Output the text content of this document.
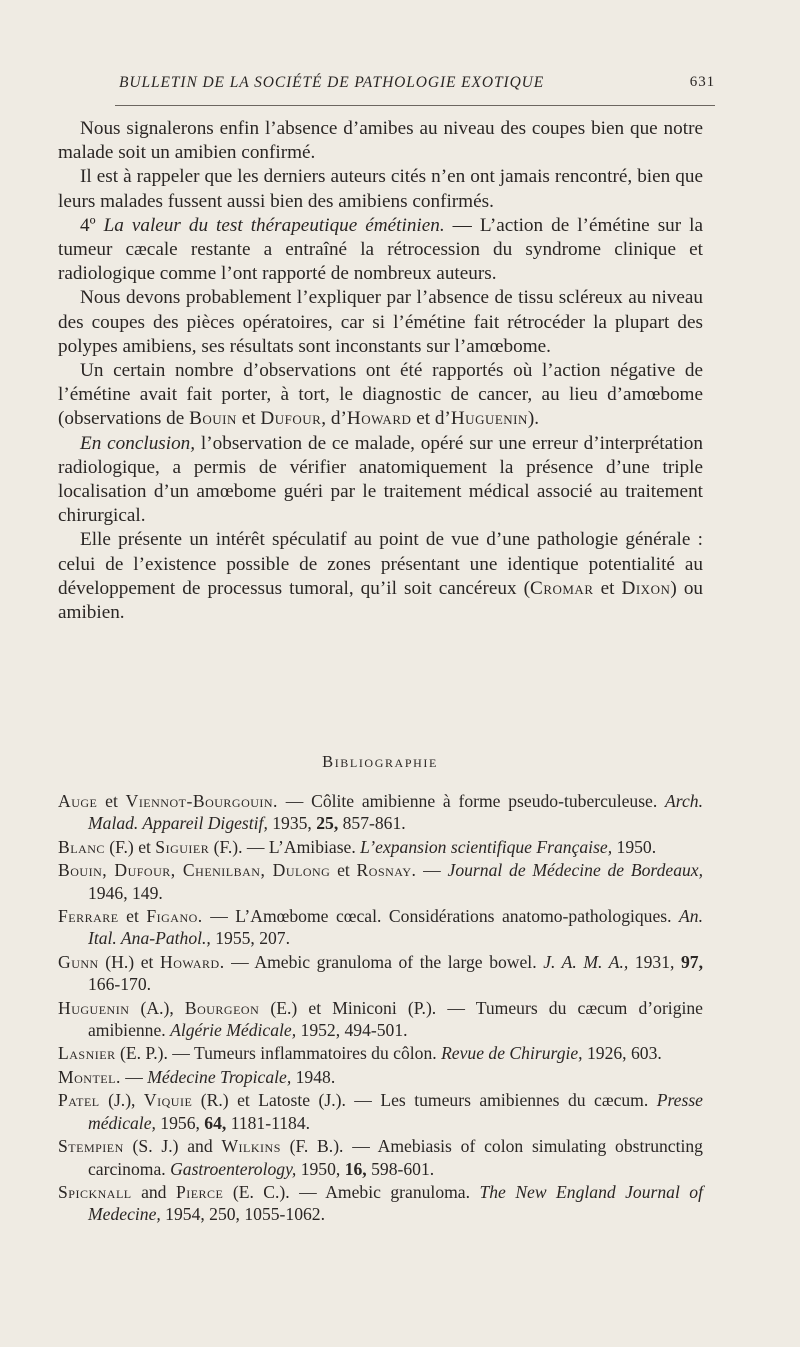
BULLETIN DE LA SOCIÉTÉ DE PATHOLOGIE EXOTIQUE	631

Nous signalerons enfin l’absence d’amibes au niveau des coupes bien que notre malade soit un amibien confirmé.

Il est à rappeler que les derniers auteurs cités n’en ont jamais rencontré, bien que leurs malades fussent aussi bien des amibiens confirmés.

4º La valeur du test thérapeutique émétinien. — L’action de l’émétine sur la tumeur cæcale restante a entraîné la rétrocession du syndrome clinique et radiologique comme l’ont rapporté de nombreux auteurs.

Nous devons probablement l’expliquer par l’absence de tissu scléreux au niveau des coupes des pièces opératoires, car si l’émétine fait rétrocéder la plupart des polypes amibiens, ses résultats sont inconstants sur l’amœbome.

Un certain nombre d’observations ont été rapportés où l’action négative de l’émétine avait fait porter, à tort, le diagnostic de cancer, au lieu d’amœbome (observations de Bouin et Dufour, d’Howard et d’Huguenin).

En conclusion, l’observation de ce malade, opéré sur une erreur d’interprétation radiologique, a permis de vérifier anatomiquement la présence d’une triple localisation d’un amœbome guéri par le traitement médical associé au traitement chirurgical.

Elle présente un intérêt spéculatif au point de vue d’une pathologie générale : celui de l’existence possible de zones présentant une identique potentialité au développement de processus tumoral, qu’il soit cancéreux (Cromar et Dixon) ou amibien.

Bibliographie

Auge et Viennot-Bourgouin. — Côlite amibienne à forme pseudo-tuberculeuse. Arch. Malad. Appareil Digestif, 1935, 25, 857-861.

Blanc (F.) et Siguier (F.). — L’Amibiase. L’expansion scientifique Française, 1950.

Bouin, Dufour, Chenilban, Dulong et Rosnay. — Journal de Médecine de Bordeaux, 1946, 149.

Ferrare et Figano. — L’Amœbome cœcal. Considérations anatomo-pathologiques. An. Ital. Ana-Pathol., 1955, 207.

Gunn (H.) et Howard. — Amebic granuloma of the large bowel. J. A. M. A., 1931, 97, 166-170.

Huguenin (A.), Bourgeon (E.) et Miniconi (P.). — Tumeurs du cæcum d’origine amibienne. Algérie Médicale, 1952, 494-501.

Lasnier (E. P.). — Tumeurs inflammatoires du côlon. Revue de Chirurgie, 1926, 603.

Montel. — Médecine Tropicale, 1948.

Patel (J.), Viquie (R.) et Latoste (J.). — Les tumeurs amibiennes du cæcum. Presse médicale, 1956, 64, 1181-1184.

Stempien (S. J.) and Wilkins (F. B.). — Amebiasis of colon simulating obstruncting carcinoma. Gastroenterology, 1950, 16, 598-601.

Spicknall and Pierce (E. C.). — Amebic granuloma. The New England Journal of Medecine, 1954, 250, 1055-1062.
